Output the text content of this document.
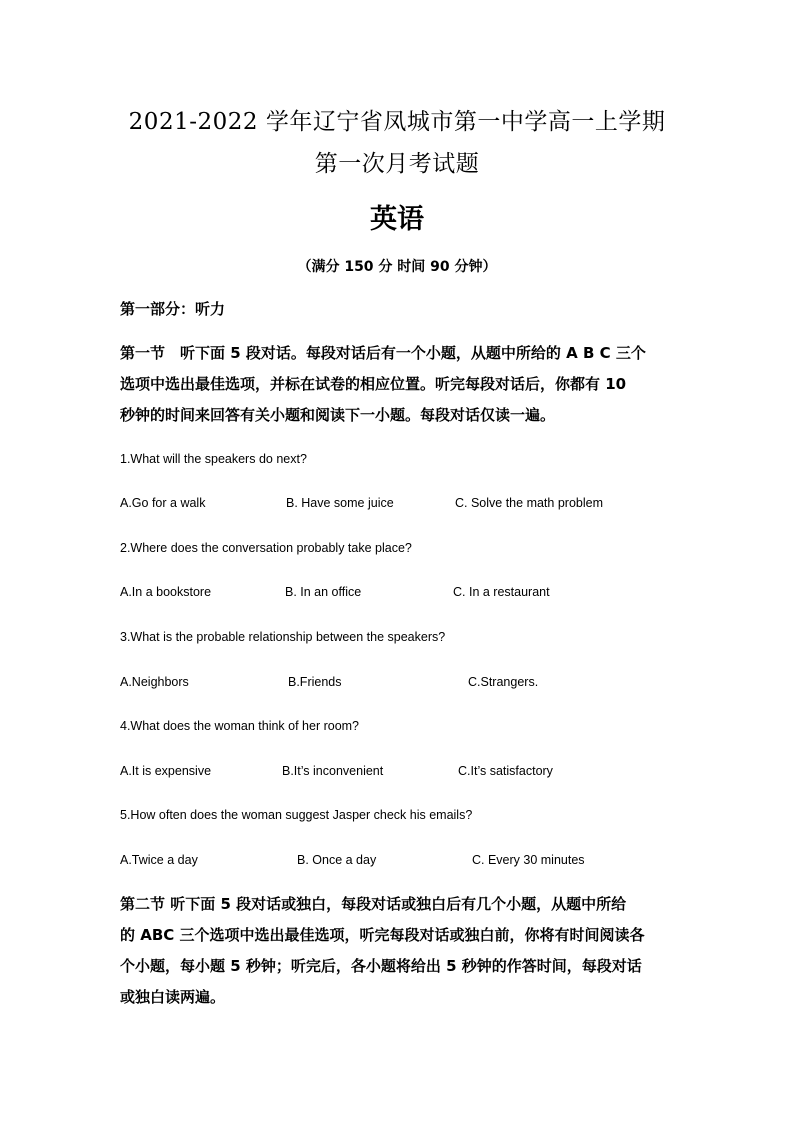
2021-2022 学年辽宁省凤城市第一中学高一上学期
第一次月考试题
英语
（满分 150 分 时间 90 分钟）
第一部分：听力
第一节　听下面 5 段对话。每段对话后有一个小题，从题中所给的 A B C 三个
选项中选出最佳选项，并标在试卷的相应位置。听完每段对话后，你都有 10
秒钟的时间来回答有关小题和阅读下一小题。每段对话仅读一遍。
1.What will the speakers do next?
A.Go for a walk	B. Have some juice	C. Solve the math problem
2.Where does the conversation probably take place?
A.In a bookstore	B. In an office	C. In a restaurant
3.What is the probable relationship between the speakers?
A.Neighbors	B.Friends	C.Strangers.
4.What does the woman think of her room?
A.It is expensive	B.It’s inconvenient	C.It’s satisfactory
5.How often does the woman suggest Jasper check his emails?
A.Twice a day	B. Once a day	C. Every 30 minutes
第二节 听下面 5 段对话或独白，每段对话或独白后有几个小题，从题中所给
的 ABC 三个选项中选出最佳选项，听完每段对话或独白前，你将有时间阅读各
个小题，每小题 5 秒钟；听完后，各小题将给出 5 秒钟的作答时间，每段对话
或独白读两遍。
